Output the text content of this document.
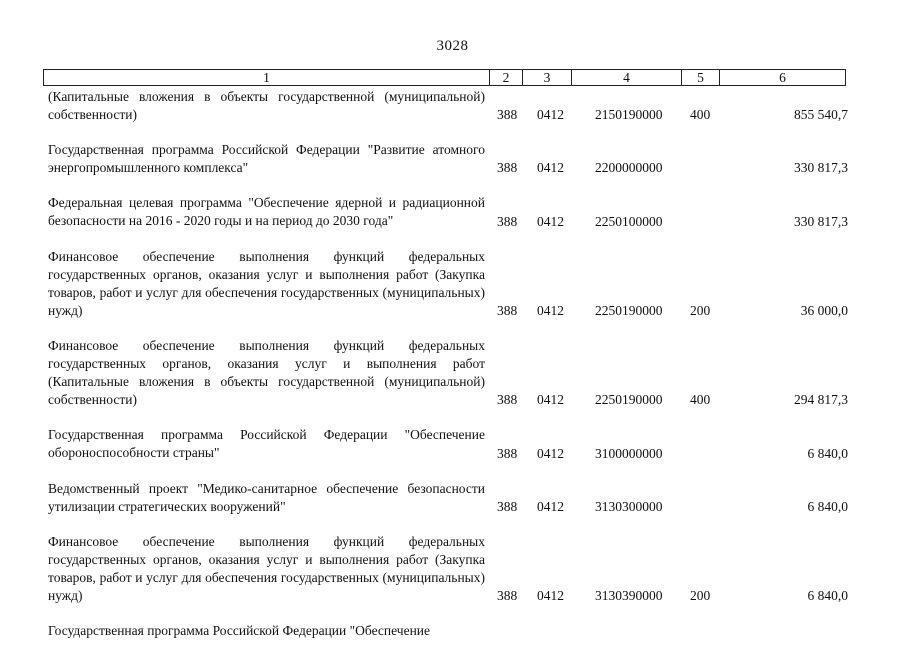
3028
1	2	3	4	5	6
(Капитальные вложения в объекты государственной (муниципальной) собственности)	388 0412 2150190000 400	855 540,7
Государственная программа Российской Федерации "Развитие атомного энергопромышленного комплекса"	388 0412 2200000000	330 817,3
Федеральная целевая программа "Обеспечение ядерной и радиационной безопасности на 2016 - 2020 годы и на период до 2030 года"	388 0412 2250100000	330 817,3
Финансовое обеспечение выполнения функций федеральных государственных органов, оказания услуг и выполнения работ (Закупка товаров, работ и услуг для обеспечения государственных (муниципальных) нужд)	388 0412 2250190000 200	36 000,0
Финансовое обеспечение выполнения функций федеральных государственных органов, оказания услуг и выполнения работ (Капитальные вложения в объекты государственной (муниципальной) собственности)	388 0412 2250190000 400	294 817,3
Государственная программа Российской Федерации "Обеспечение обороноспособности страны"	388 0412 3100000000	6 840,0
Ведомственный проект "Медико-санитарное обеспечение безопасности утилизации стратегических вооружений"	388 0412 3130300000	6 840,0
Финансовое обеспечение выполнения функций федеральных государственных органов, оказания услуг и выполнения работ (Закупка товаров, работ и услуг для обеспечения государственных (муниципальных) нужд)	388 0412 3130390000 200	6 840,0
Государственная программа Российской Федерации "Обеспечение
